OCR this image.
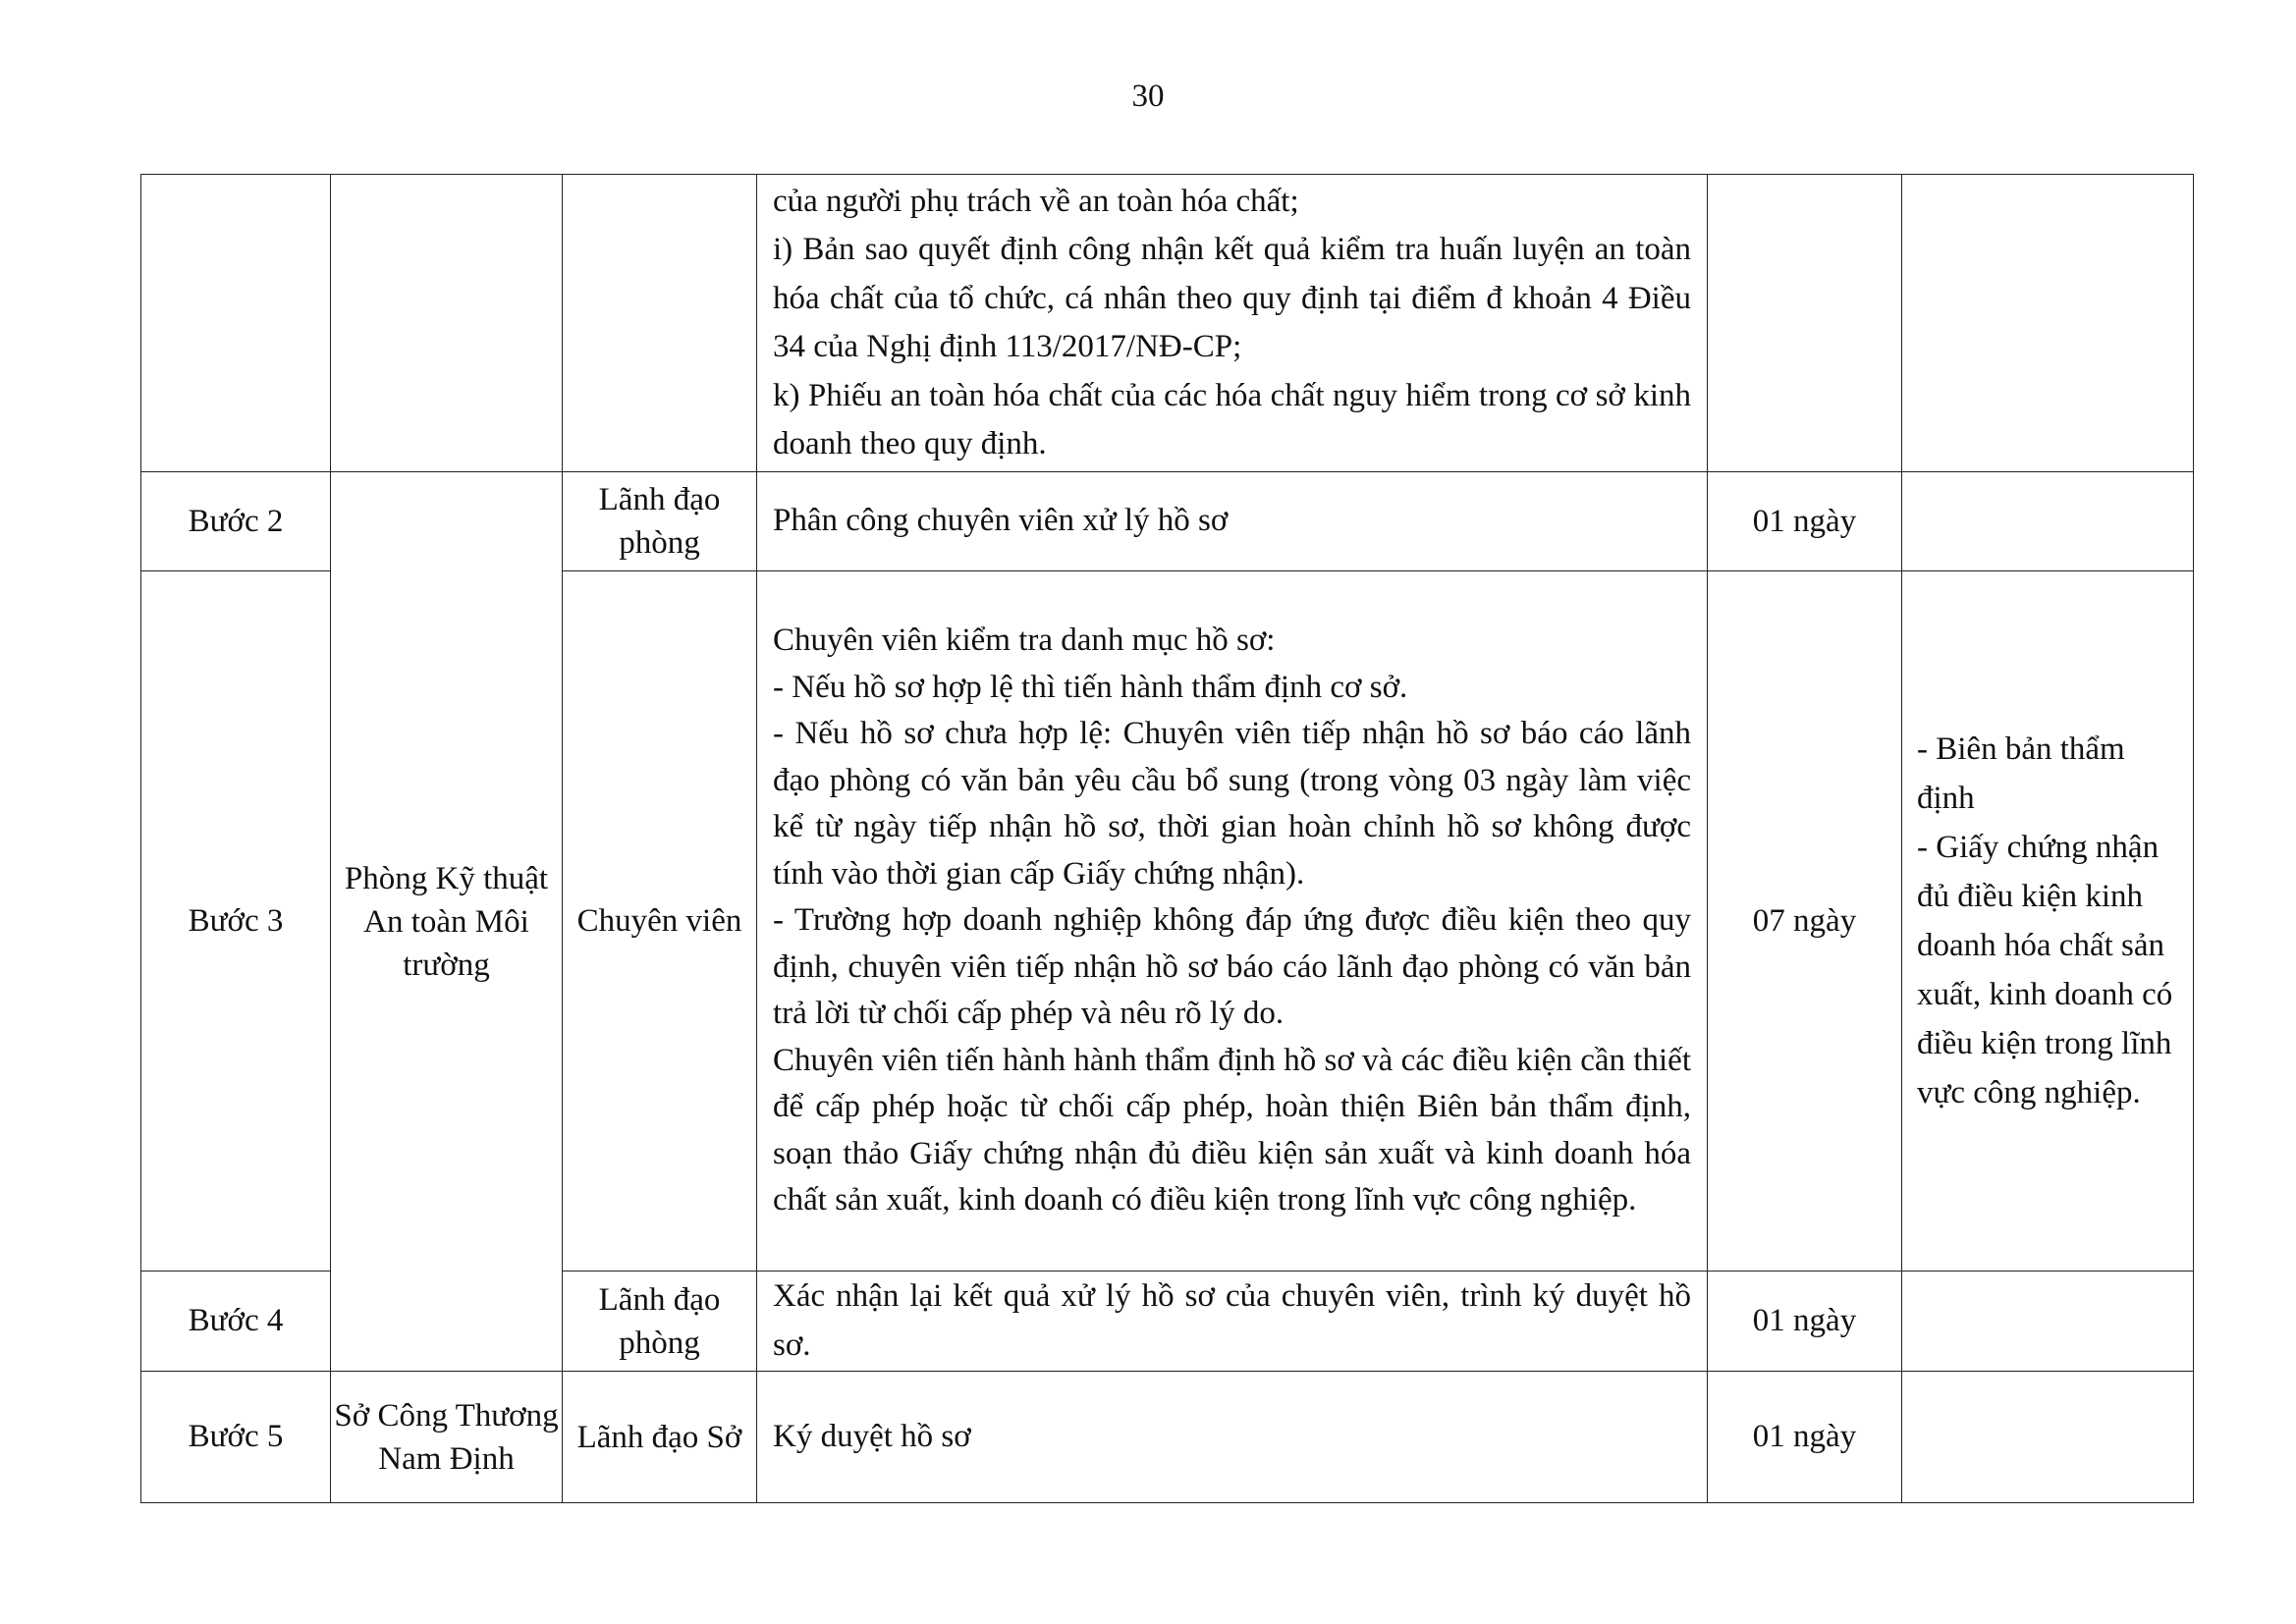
30

			của người phụ trách về an toàn hóa chất;
i) Bản sao quyết định công nhận kết quả kiểm tra huấn luyện an toàn hóa chất của tổ chức, cá nhân theo quy định tại điểm đ khoản 4 Điều 34 của Nghị định 113/2017/NĐ-CP;
k) Phiếu an toàn hóa chất của các hóa chất nguy hiểm trong cơ sở kinh doanh theo quy định.		

Bước 2	Phòng Kỹ thuật An toàn Môi trường	Lãnh đạo phòng	Phân công chuyên viên xử lý hồ sơ	01 ngày	
Bước 3		Chuyên viên	Chuyên viên kiểm tra danh mục hồ sơ:
- Nếu hồ sơ hợp lệ thì tiến hành thẩm định cơ sở.
- Nếu hồ sơ chưa hợp lệ: Chuyên viên tiếp nhận hồ sơ báo cáo lãnh đạo phòng có văn bản yêu cầu bổ sung (trong vòng 03 ngày làm việc kể từ ngày tiếp nhận hồ sơ, thời gian hoàn chỉnh hồ sơ không được tính vào thời gian cấp Giấy chứng nhận).
- Trường hợp doanh nghiệp không đáp ứng được điều kiện theo quy định, chuyên viên tiếp nhận hồ sơ báo cáo lãnh đạo phòng có văn bản trả lời từ chối cấp phép và nêu rõ lý do.
Chuyên viên tiến hành hành thẩm định hồ sơ và các điều kiện cần thiết để cấp phép hoặc từ chối cấp phép, hoàn thiện Biên bản thẩm định, soạn thảo Giấy chứng nhận đủ điều kiện sản xuất và kinh doanh hóa chất sản xuất, kinh doanh có điều kiện trong lĩnh vực công nghiệp.	07 ngày	- Biên bản thẩm định
- Giấy chứng nhận đủ điều kiện kinh doanh hóa chất sản xuất, kinh doanh có điều kiện trong lĩnh vực công nghiệp.

Bước 4		Lãnh đạo phòng	Xác nhận lại kết quả xử lý hồ sơ của chuyên viên, trình ký duyệt hồ sơ.	01 ngày	
Bước 5	Sở Công Thương Nam Định	Lãnh đạo Sở	Ký duyệt hồ sơ	01 ngày	
